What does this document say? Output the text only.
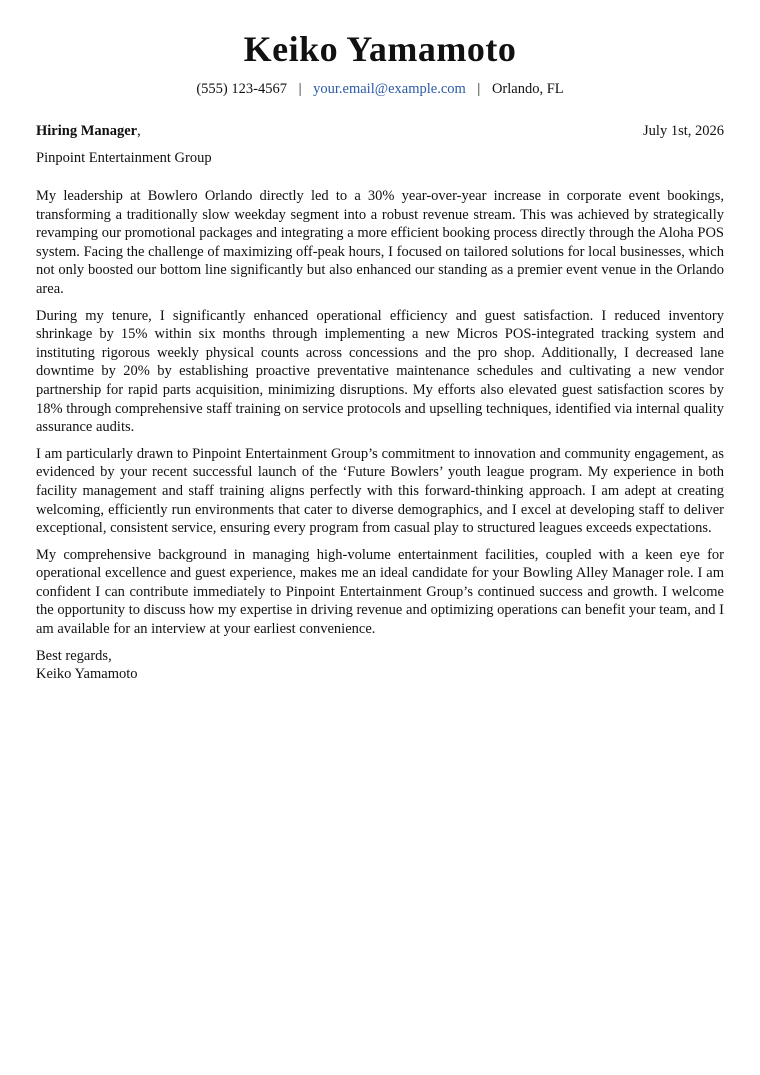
Keiko Yamamoto
(555) 123-4567 | your.email@example.com | Orlando, FL
Hiring Manager,	July 1st, 2026
Pinpoint Entertainment Group

My leadership at Bowlero Orlando directly led to a 30% year-over-year increase in corporate event bookings, transforming a traditionally slow weekday segment into a robust revenue stream. This was achieved by strategically revamping our promotional packages and integrating a more efficient booking process directly through the Aloha POS system. Facing the challenge of maximizing off-peak hours, I focused on tailored solutions for local businesses, which not only boosted our bottom line significantly but also enhanced our standing as a premier event venue in the Orlando area.

During my tenure, I significantly enhanced operational efficiency and guest satisfaction. I reduced inventory shrinkage by 15% within six months through implementing a new Micros POS-integrated tracking system and instituting rigorous weekly physical counts across concessions and the pro shop. Additionally, I decreased lane downtime by 20% by establishing proactive preventative maintenance schedules and cultivating a new vendor partnership for rapid parts acquisition, minimizing disruptions. My efforts also elevated guest satisfaction scores by 18% through comprehensive staff training on service protocols and upselling techniques, identified via internal quality assurance audits.

I am particularly drawn to Pinpoint Entertainment Group’s commitment to innovation and community engagement, as evidenced by your recent successful launch of the ‘Future Bowlers’ youth league program. My experience in both facility management and staff training aligns perfectly with this forward-thinking approach. I am adept at creating welcoming, efficiently run environments that cater to diverse demographics, and I excel at developing staff to deliver exceptional, consistent service, ensuring every program from casual play to structured leagues exceeds expectations.

My comprehensive background in managing high-volume entertainment facilities, coupled with a keen eye for operational excellence and guest experience, makes me an ideal candidate for your Bowling Alley Manager role. I am confident I can contribute immediately to Pinpoint Entertainment Group’s continued success and growth. I welcome the opportunity to discuss how my expertise in driving revenue and optimizing operations can benefit your team, and I am available for an interview at your earliest convenience.

Best regards,
Keiko Yamamoto
